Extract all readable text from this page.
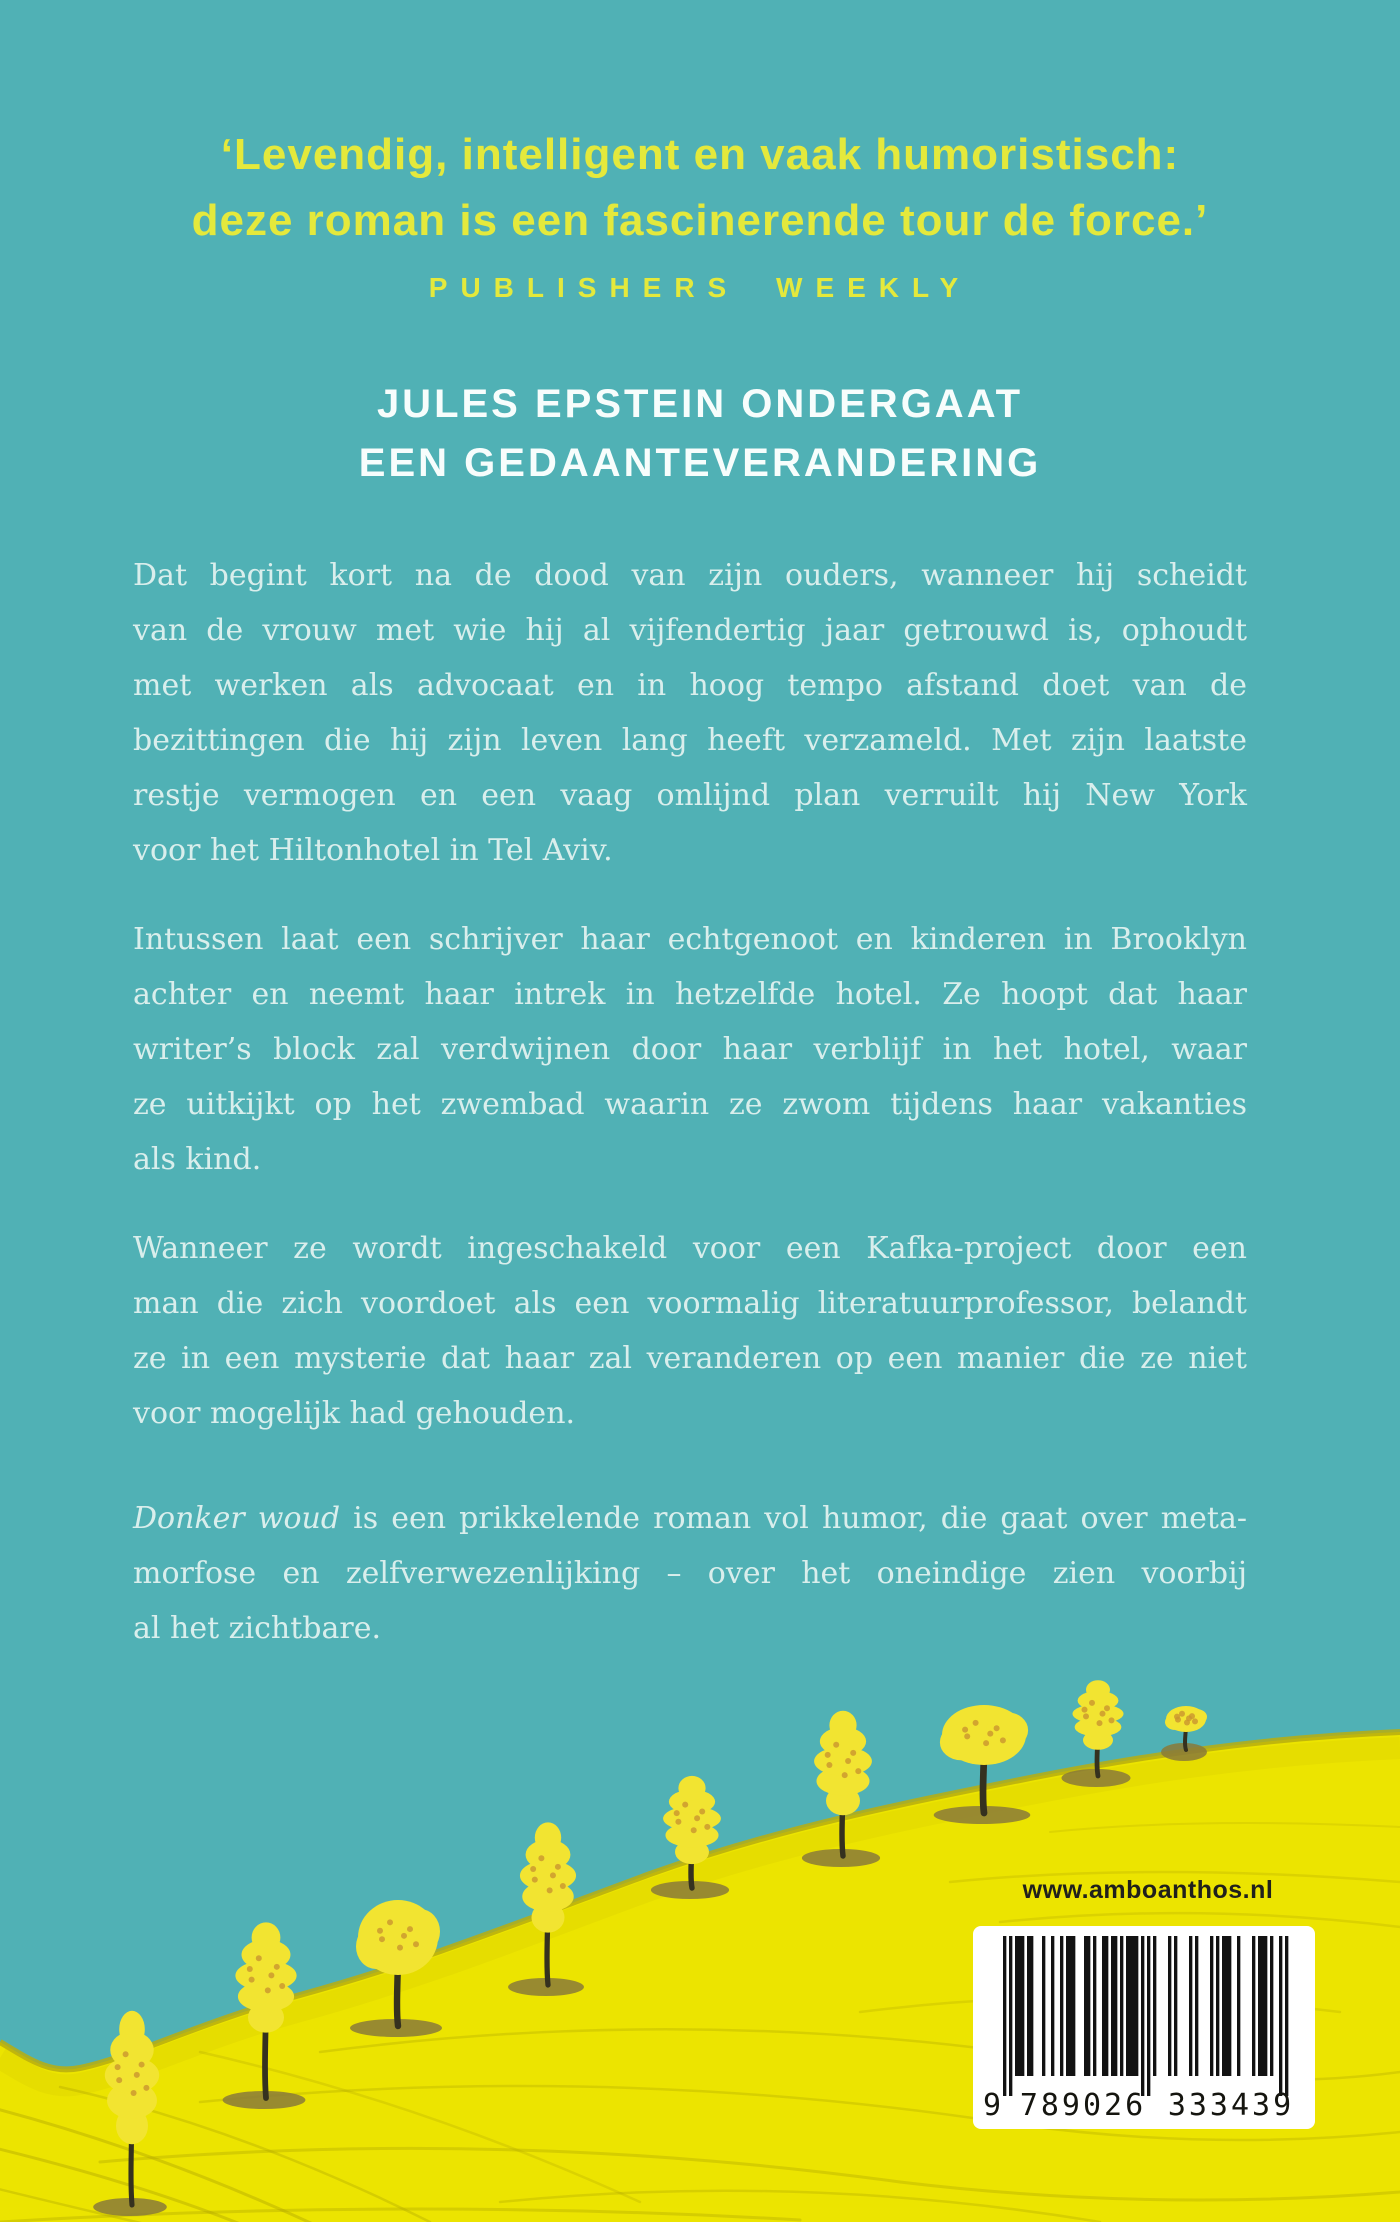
‘Levendig, intelligent en vaak humoristisch:
deze roman is een fascinerende tour de force.’
PUBLISHERS WEEKLY
JULES EPSTEIN ONDERGAAT
EEN GEDAANTEVERANDERING
Dat begint kort na de dood van zijn ouders, wanneer hij scheidt
van de vrouw met wie hij al vijfendertig jaar getrouwd is, ophoudt
met werken als advocaat en in hoog tempo afstand doet van de
bezittingen die hij zijn leven lang heeft verzameld. Met zijn laatste
restje vermogen en een vaag omlijnd plan verruilt hij New York
voor het Hiltonhotel in Tel Aviv.
Intussen laat een schrijver haar echtgenoot en kinderen in Brooklyn
achter en neemt haar intrek in hetzelfde hotel. Ze hoopt dat haar
writer’s block zal verdwijnen door haar verblijf in het hotel, waar
ze uitkijkt op het zwembad waarin ze zwom tijdens haar vakanties
als kind.
Wanneer ze wordt ingeschakeld voor een Kafka-project door een
man die zich voordoet als een voormalig literatuurprofessor, belandt
ze in een mysterie dat haar zal veranderen op een manier die ze niet
voor mogelijk had gehouden.
Donker woud is een prikkelende roman vol humor, die gaat over meta-
morfose en zelfverwezenlijking – over het oneindige zien voorbij
al het zichtbare.
www.amboanthos.nl
9 789026 333439
